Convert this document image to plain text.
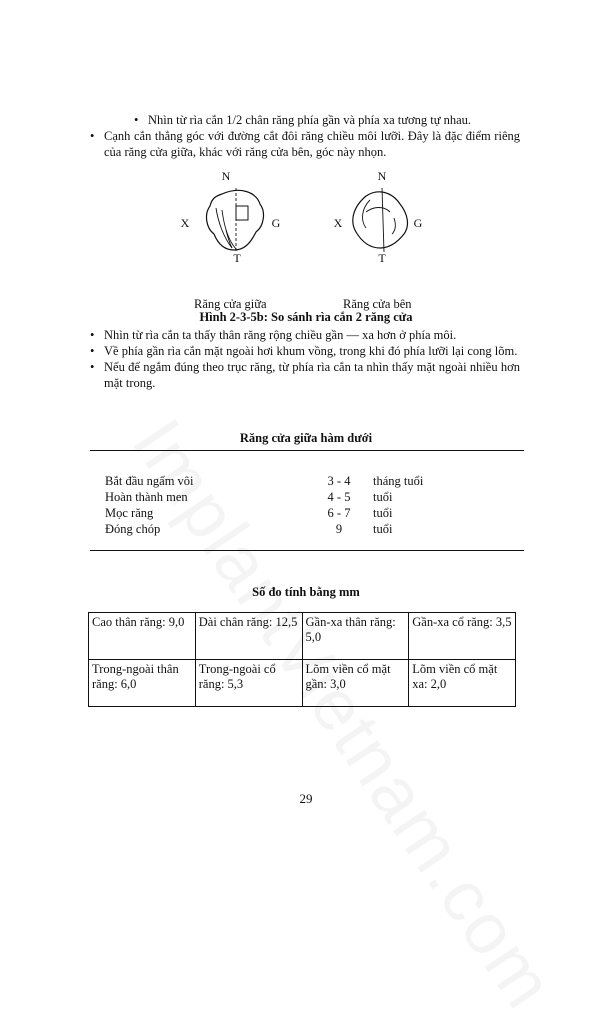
• Nhìn từ rìa cắn 1/2 chân răng phía gần và phía xa tương tự nhau.
• Cạnh cắn thẳng góc với đường cắt đôi răng chiều môi lưỡi. Đây là đặc điểm riêng của răng cửa giữa, khác với răng cửa bên, góc này nhọn.
N
T
X	G
N
T
X	G
Răng cửa giữa	Răng cửa bên
Hình 2-3-5b: So sánh rìa cắn 2 răng cửa
• Nhìn từ rìa cắn ta thấy thân răng rộng chiều gần — xa hơn ở phía môi.
• Về phía gần rìa cắn mặt ngoài hơi khum vồng, trong khi đó phía lưỡi lại cong lõm.
• Nếu để ngắm đúng theo trục răng, từ phía rìa cắn ta nhìn thấy mặt ngoài nhiều hơn mặt trong.
Răng cửa giữa hàm dưới
Bắt đầu ngấm vôi	3 - 4	tháng tuổi
Hoàn thành men	4 - 5	tuổi
Mọc răng	6 - 7	tuổi
Đóng chóp	9	tuổi
Số đo tính bằng mm
Cao thân răng: 9,0	Dài chân răng: 12,5	Gần-xa thân răng: 5,0	Gần-xa cổ răng: 3,5
Trong-ngoài thân răng: 6,0	Trong-ngoài cổ răng: 5,3	Lõm viền cổ mặt gần: 3,0	Lõm viền cổ mặt xa: 2,0
29
